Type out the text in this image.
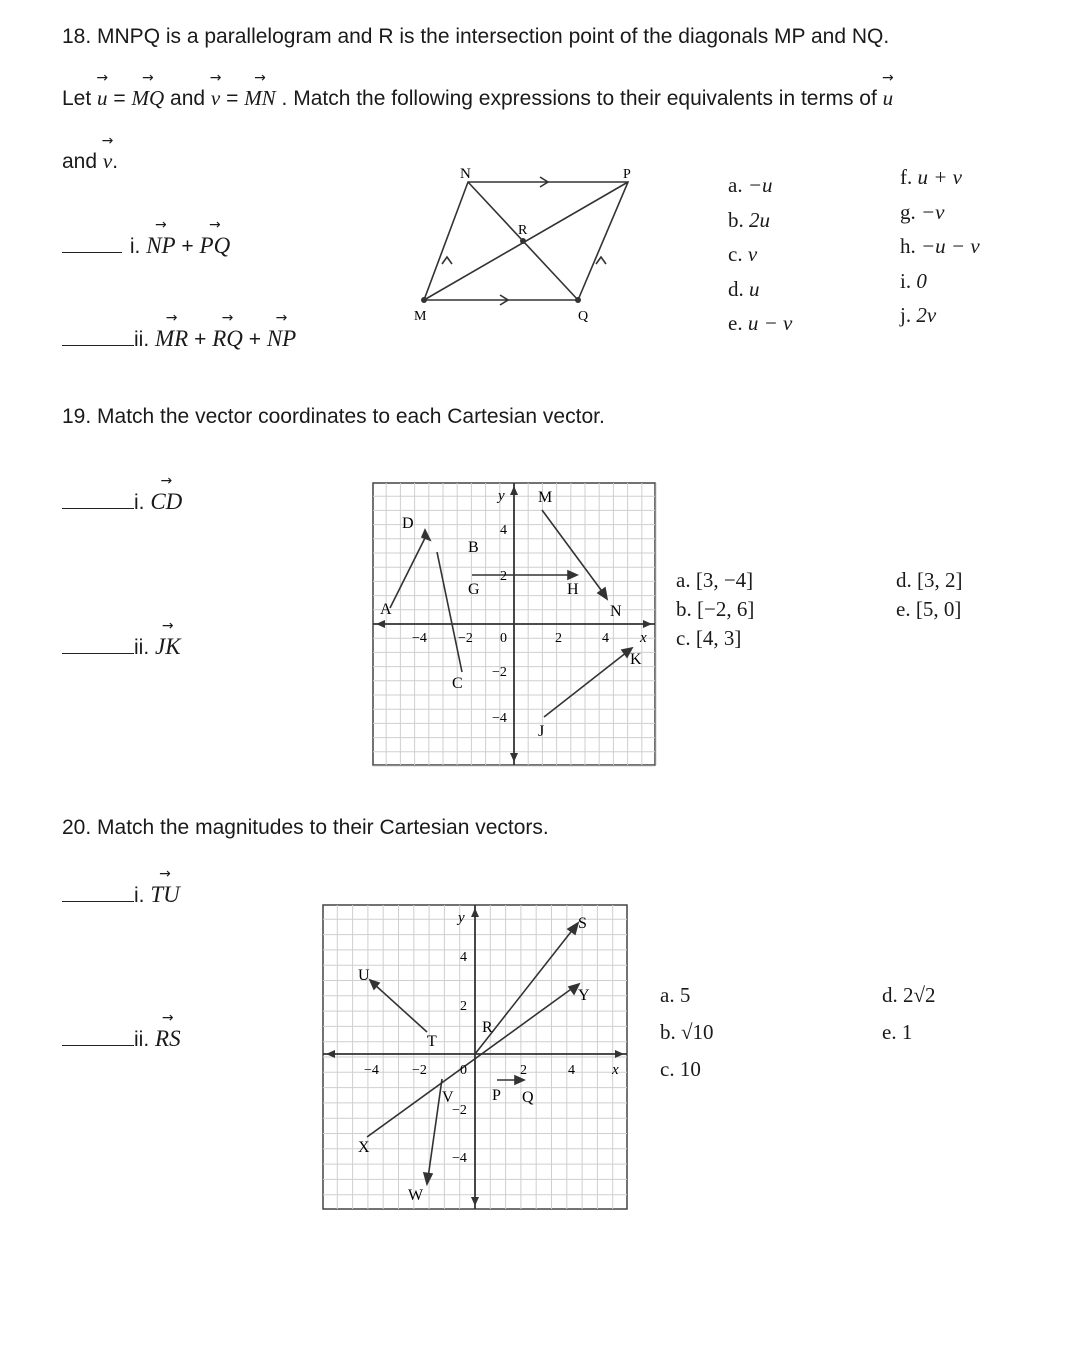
18. MNPQ is a parallelogram and R is the intersection point of the diagonals MP and NQ.
Let → u = → MQ and → v = → MN . Match the following expressions to their equivalents in terms of → u
and → v.
i. → NP + → PQ
ii. → MR + → RQ + → NP
N	P
R
M	Q
a. −u
b. 2u
c. v
d. u
e. u − v
f. u + v
g. −v
h. −u − v
i. 0
j. 2v
19. Match the vector coordinates to each Cartesian vector.
i. → CD
ii. → JK
y
x
M
D
B
G	H
A	N
K
C
J
−4 −2 0	2	4
4
2
−2
−4
a. [3, −4]
b. [−2, 6]
c. [4, 3]
d. [3, 2]
e. [5, 0]
20. Match the magnitudes to their Cartesian vectors.
i. → TU
ii. → RS
y
x
S
U
Y
R
T
V P Q
X
W
−4 −2 0	2	4
4
2
−2
−4
a. 5
b. √10
c. 10
d. 2√2
e. 1
